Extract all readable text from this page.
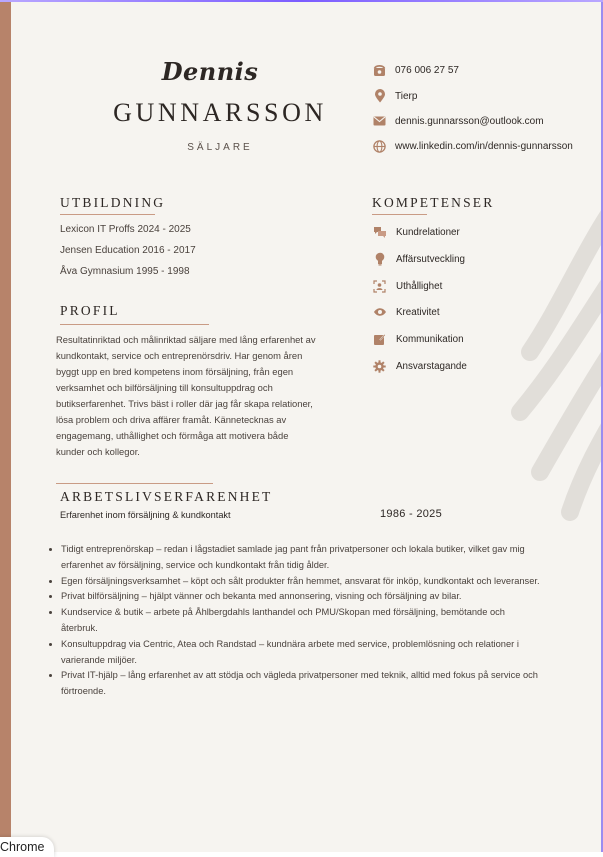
Dennis
GUNNARSSON
SÄLJARE
076 006 27 57
Tierp
dennis.gunnarsson@outlook.com
www.linkedin.com/in/dennis-gunnarsson
UTBILDNING
Lexicon IT Proffs 2024 - 2025
Jensen Education 2016 - 2017
Åva Gymnasium 1995 - 1998
PROFIL
Resultatinriktad och målinriktad säljare med lång erfarenhet av kundkontakt, service och entreprenörsdriv. Har genom åren byggt upp en bred kompetens inom försäljning, från egen verksamhet och bilförsäljning till konsultuppdrag och butikserfarenhet. Trivs bäst i roller där jag får skapa relationer, lösa problem och driva affärer framåt. Kännetecknas av engagemang, uthållighet och förmåga att motivera både kunder och kollegor.
KOMPETENSER
Kundrelationer
Affärsutveckling
Uthållighet
Kreativitet
Kommunikation
Ansvarstagande
ARBETSLIVSERFARENHET
Erfarenhet inom försäljning & kundkontakt	1986 - 2025
• Tidigt entreprenörskap – redan i lågstadiet samlade jag pant från privatpersoner och lokala butiker, vilket gav mig erfarenhet av försäljning, service och kundkontakt från tidig ålder.
• Egen försäljningsverksamhet – köpt och sålt produkter från hemmet, ansvarat för inköp, kundkontakt och leveranser.
• Privat bilförsäljning – hjälpt vänner och bekanta med annonsering, visning och försäljning av bilar.
• Kundservice & butik – arbete på Åhlbergdahls lanthandel och PMU/Skopan med försäljning, bemötande och återbruk.
• Konsultuppdrag via Centric, Atea och Randstad – kundnära arbete med service, problemlösning och relationer i varierande miljöer.
• Privat IT-hjälp – lång erfarenhet av att stödja och vägleda privatpersoner med teknik, alltid med fokus på service och förtroende.
Chrome
